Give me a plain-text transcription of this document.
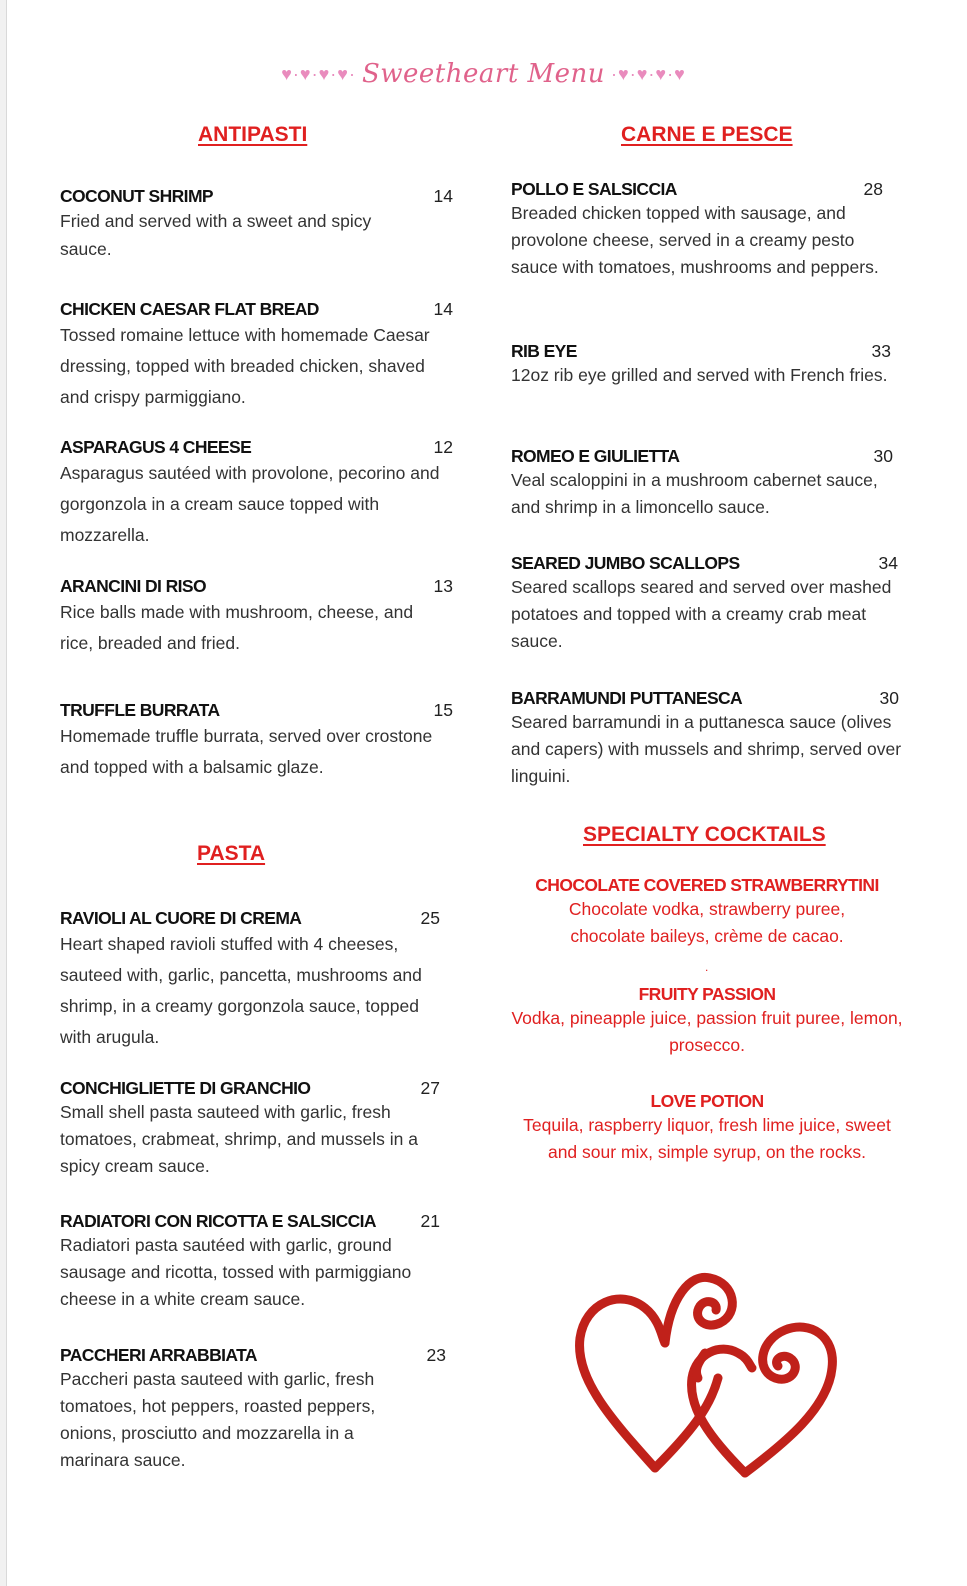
♥·♥·♥·♥· Sweetheart Menu ·♥·♥·♥·♥
ANTIPASTI
COCONUT SHRIMP	14

Fried and served with a sweet and spicy sauce.

CHICKEN CAESAR FLAT BREAD	14

Tossed romaine lettuce with homemade Caesar dressing, topped with breaded chicken, shaved and crispy parmiggiano.

ASPARAGUS 4 CHEESE	12

Asparagus sautéed with provolone, pecorino and gorgonzola in a cream sauce topped with mozzarella.

ARANCINI DI RISO	13

Rice balls made with mushroom, cheese, and rice, breaded and fried.

TRUFFLE BURRATA	15

Homemade truffle burrata, served over crostone and topped with a balsamic glaze.

PASTA
RAVIOLI AL CUORE DI CREMA	25

Heart shaped ravioli stuffed with 4 cheeses, sauteed with, garlic, pancetta, mushrooms and shrimp, in a creamy gorgonzola sauce, topped with arugula.

CONCHIGLIETTE DI GRANCHIO	27

Small shell pasta sauteed with garlic, fresh tomatoes, crabmeat, shrimp, and mussels in a spicy cream sauce.

RADIATORI CON RICOTTA E SALSICCIA	21

Radiatori pasta sautéed with garlic, ground sausage and ricotta, tossed with parmiggiano cheese in a white cream sauce.

PACCHERI ARRABBIATA	23

Paccheri pasta sauteed with garlic, fresh tomatoes, hot peppers, roasted peppers, onions, prosciutto and mozzarella in a marinara sauce.

CARNE E PESCE
POLLO E SALSICCIA	28

Breaded chicken topped with sausage, and provolone cheese, served in a creamy pesto sauce with tomatoes, mushrooms and peppers.

RIB EYE	33

12oz rib eye grilled and served with French fries.

ROMEO E GIULIETTA	30

Veal scaloppini in a mushroom cabernet sauce, and shrimp in a limoncello sauce.

SEARED JUMBO SCALLOPS	34

Seared scallops seared and served over mashed potatoes and topped with a creamy crab meat sauce.

BARRAMUNDI PUTTANESCA	30

Seared barramundi in a puttanesca sauce (olives and capers) with mussels and shrimp, served over linguini.

SPECIALTY COCKTAILS
CHOCOLATE COVERED STRAWBERRYTINI
Chocolate vodka, strawberry puree, chocolate baileys, crème de cacao.
.
FRUITY PASSION
Vodka, pineapple juice, passion fruit puree, lemon, prosecco.
LOVE POTION
Tequila, raspberry liquor, fresh lime juice, sweet and sour mix, simple syrup, on the rocks.
